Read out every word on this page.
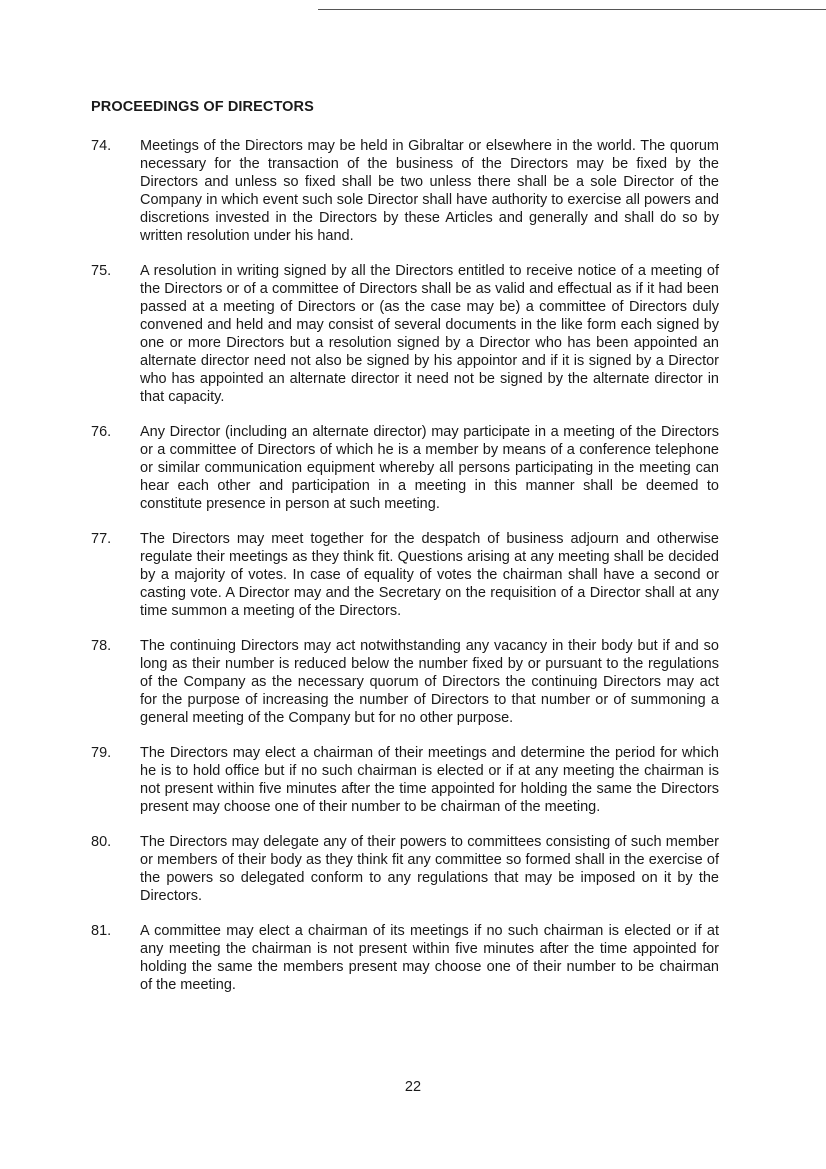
PROCEEDINGS OF DIRECTORS
74.	Meetings of the Directors may be held in Gibraltar or elsewhere in the world. The quorum necessary for the transaction of the business of the Directors may be fixed by the Directors and unless so fixed shall be two unless there shall be a sole Director of the Company in which event such sole Director shall have authority to exercise all powers and discretions invested in the Directors by these Articles and generally and shall do so by written resolution under his hand.
75.	A resolution in writing signed by all the Directors entitled to receive notice of a meeting of the Directors or of a committee of Directors shall be as valid and effectual as if it had been passed at a meeting of Directors or (as the case may be) a committee of Directors duly convened and held and may consist of several documents in the like form each signed by one or more Directors but a resolution signed by a Director who has been appointed an alternate director need not also be signed by his appointor and if it is signed by a Director who has appointed an alternate director it need not be signed by the alternate director in that capacity.
76.	Any Director (including an alternate director) may participate in a meeting of the Directors or a committee of Directors of which he is a member by means of a conference telephone or similar communication equipment whereby all persons participating in the meeting can hear each other and participation in a meeting in this manner shall be deemed to constitute presence in person at such meeting.
77.	The Directors may meet together for the despatch of business adjourn and otherwise regulate their meetings as they think fit. Questions arising at any meeting shall be decided by a majority of votes. In case of equality of votes the chairman shall have a second or casting vote. A Director may and the Secretary on the requisition of a Director shall at any time summon a meeting of the Directors.
78.	The continuing Directors may act notwithstanding any vacancy in their body but if and so long as their number is reduced below the number fixed by or pursuant to the regulations of the Company as the necessary quorum of Directors the continuing Directors may act for the purpose of increasing the number of Directors to that number or of summoning a general meeting of the Company but for no other purpose.
79.	The Directors may elect a chairman of their meetings and determine the period for which he is to hold office but if no such chairman is elected or if at any meeting the chairman is not present within five minutes after the time appointed for holding the same the Directors present may choose one of their number to be chairman of the meeting.
80.	The Directors may delegate any of their powers to committees consisting of such member or members of their body as they think fit any committee so formed shall in the exercise of the powers so delegated conform to any regulations that may be imposed on it by the Directors.
81.	A committee may elect a chairman of its meetings if no such chairman is elected or if at any meeting the chairman is not present within five minutes after the time appointed for holding the same the members present may choose one of their number to be chairman of the meeting.
22
